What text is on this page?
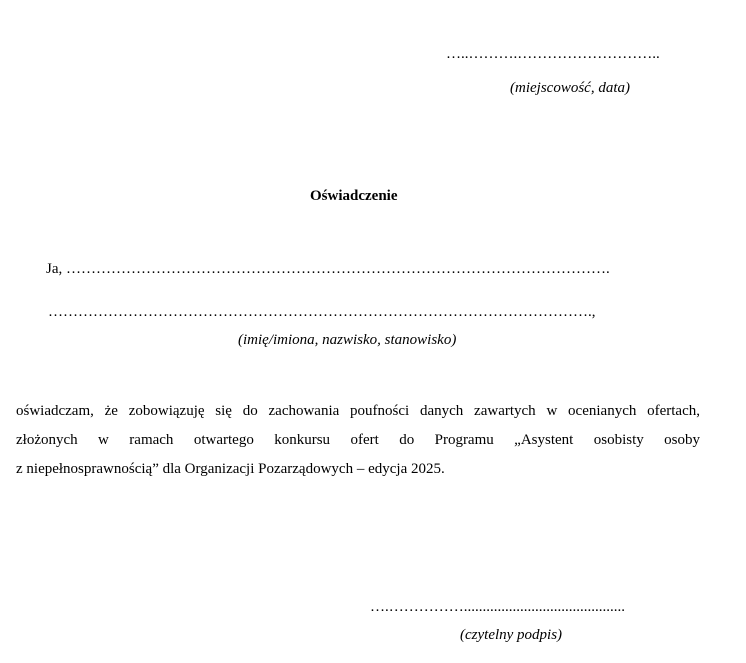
…..……….………………………..
(miejscowość, data)
Oświadczenie
Ja, ……………………………………………………………………………………………….
……………………………………………………………………………………………….,
(imię/imiona, nazwisko, stanowisko)
oświadczam, że zobowiązuję się do zachowania poufności danych zawartych w ocenianych ofertach,
złożonych w ramach otwartego konkursu ofert do Programu „Asystent osobisty osoby
z niepełnosprawnością” dla Organizacji Pozarządowych – edycja 2025.
….……………...........................................
(czytelny podpis)
